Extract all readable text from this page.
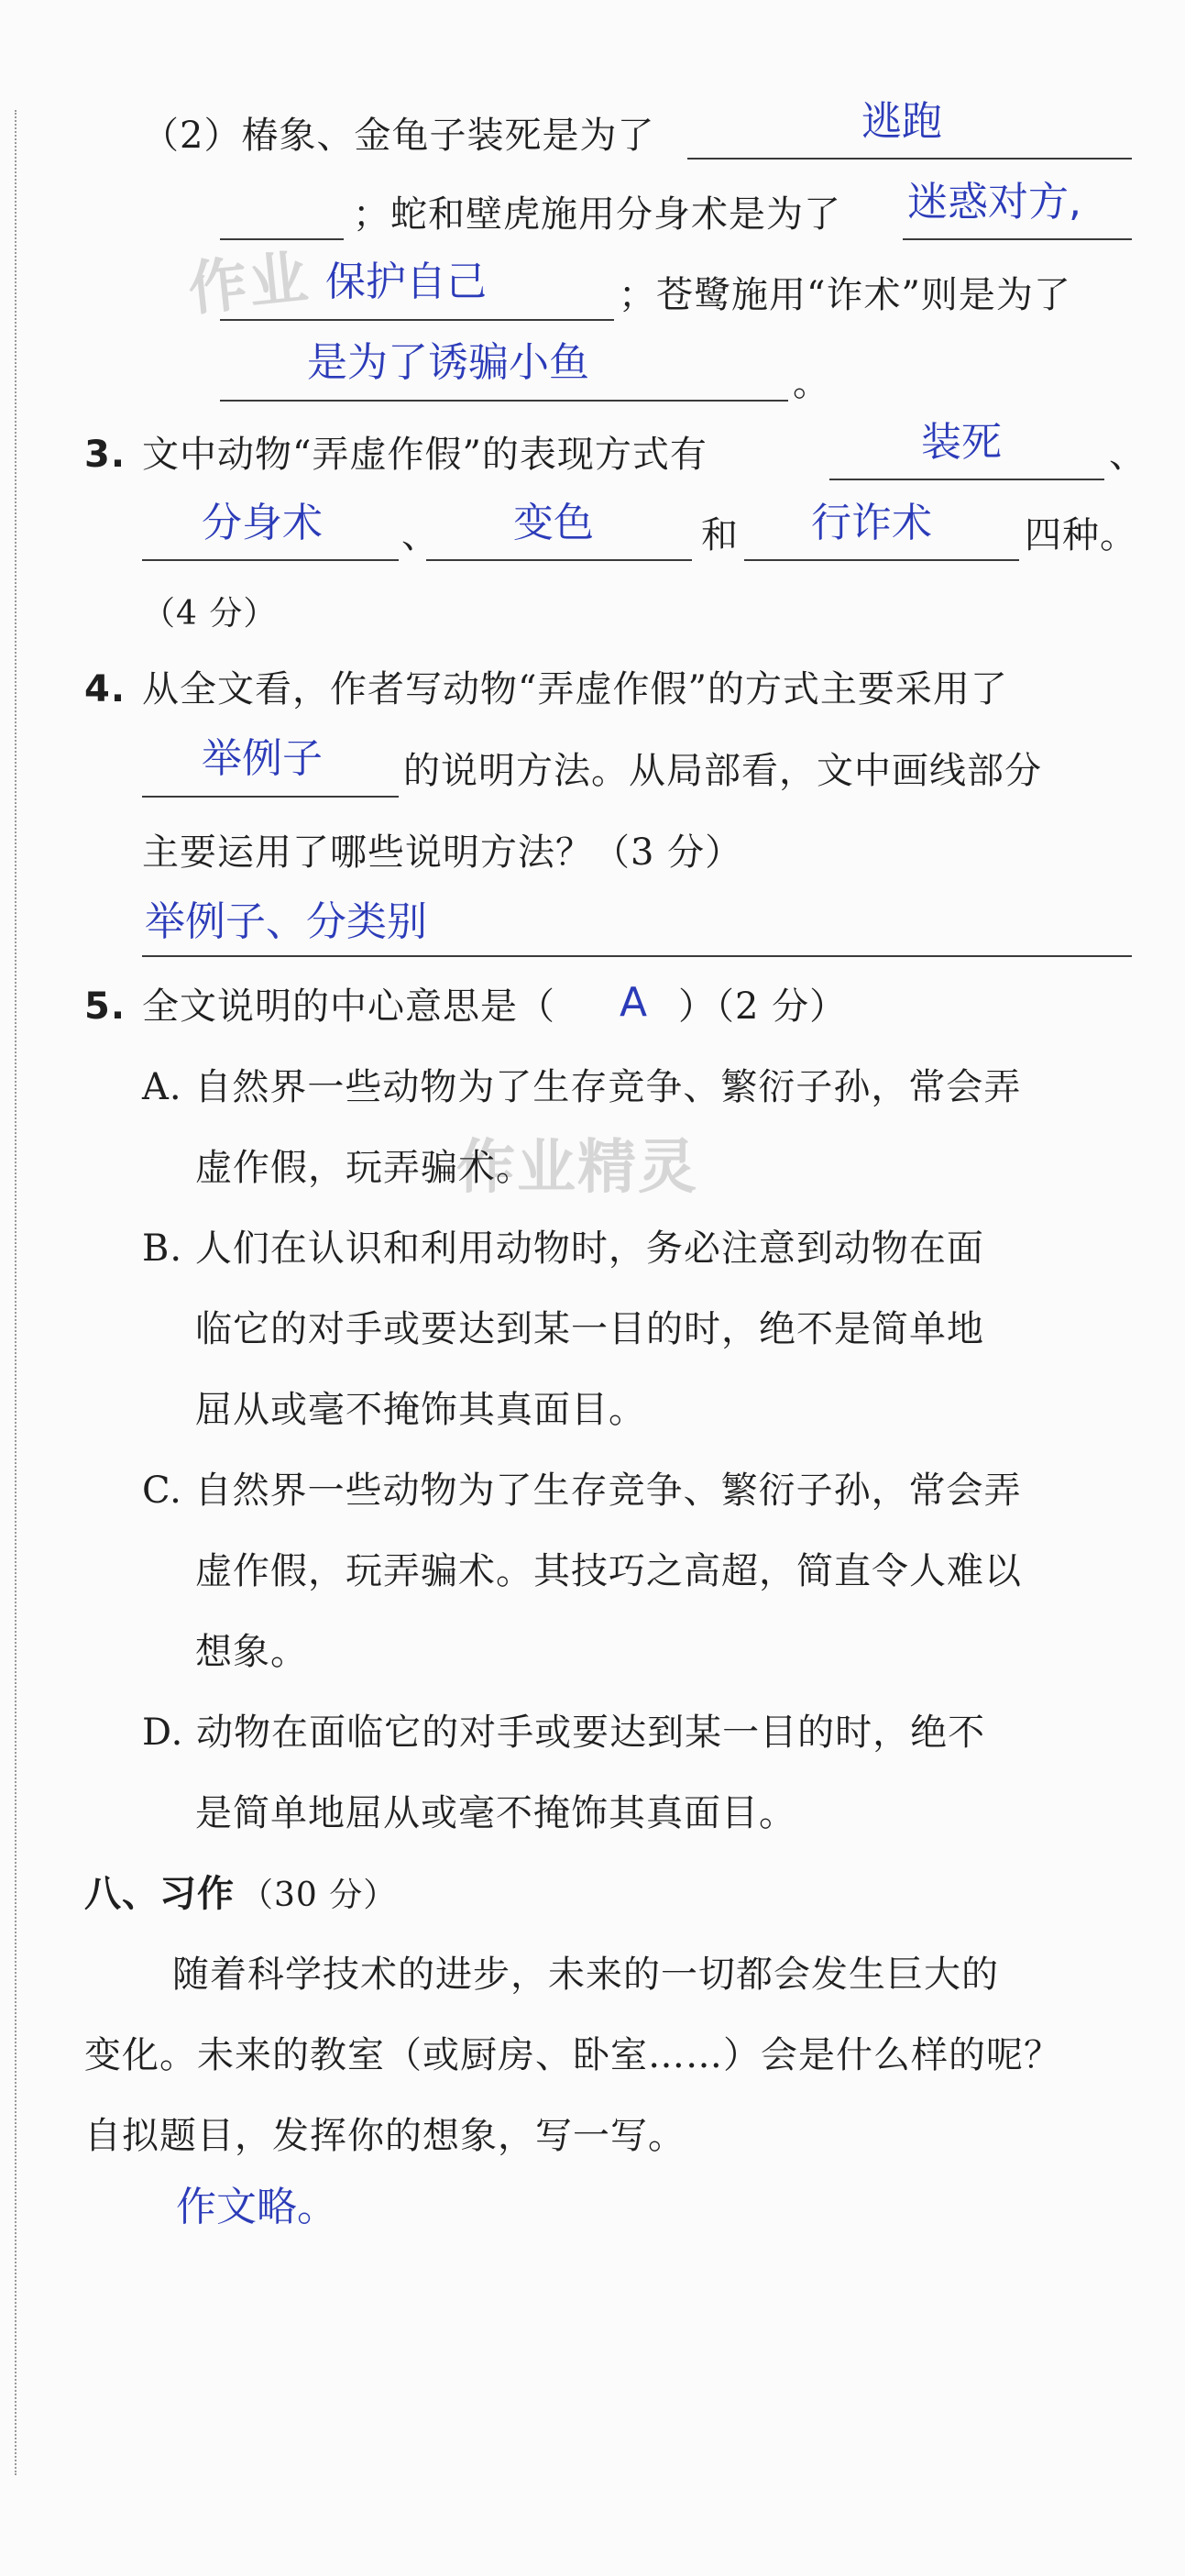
作业
作业精灵
（2）椿象、金龟子装死是为了	逃跑
；蛇和壁虎施用分身术是为了 迷惑对方,
保护自己	；苍鹭施用“诈术”则是为了
是为了诱骗小鱼	。
3. 文中动物“弄虚作假”的表现方式有	装死	、
分身术 、 变色	和 行诈术	四种。
（4 分）
4. 从全文看，作者写动物“弄虚作假”的方式主要采用了
举例子 的说明方法。从局部看，文中画线部分
主要运用了哪些说明方法？（3 分）
举例子、分类别
5. 全文说明的中心意思是（ A ）（2 分）
A. 自然界一些动物为了生存竞争、繁衍子孙，常会弄
虚作假，玩弄骗术。
B. 人们在认识和利用动物时，务必注意到动物在面
临它的对手或要达到某一目的时，绝不是简单地
屈从或毫不掩饰其真面目。
C. 自然界一些动物为了生存竞争、繁衍子孙，常会弄
虚作假，玩弄骗术。其技巧之高超，简直令人难以
想象。
D. 动物在面临它的对手或要达到某一目的时，绝不
是简单地屈从或毫不掩饰其真面目。
八、习作 （30 分）
随着科学技术的进步，未来的一切都会发生巨大的
变化。未来的教室（或厨房、卧室……）会是什么样的呢？
自拟题目，发挥你的想象，写一写。
作文略。
